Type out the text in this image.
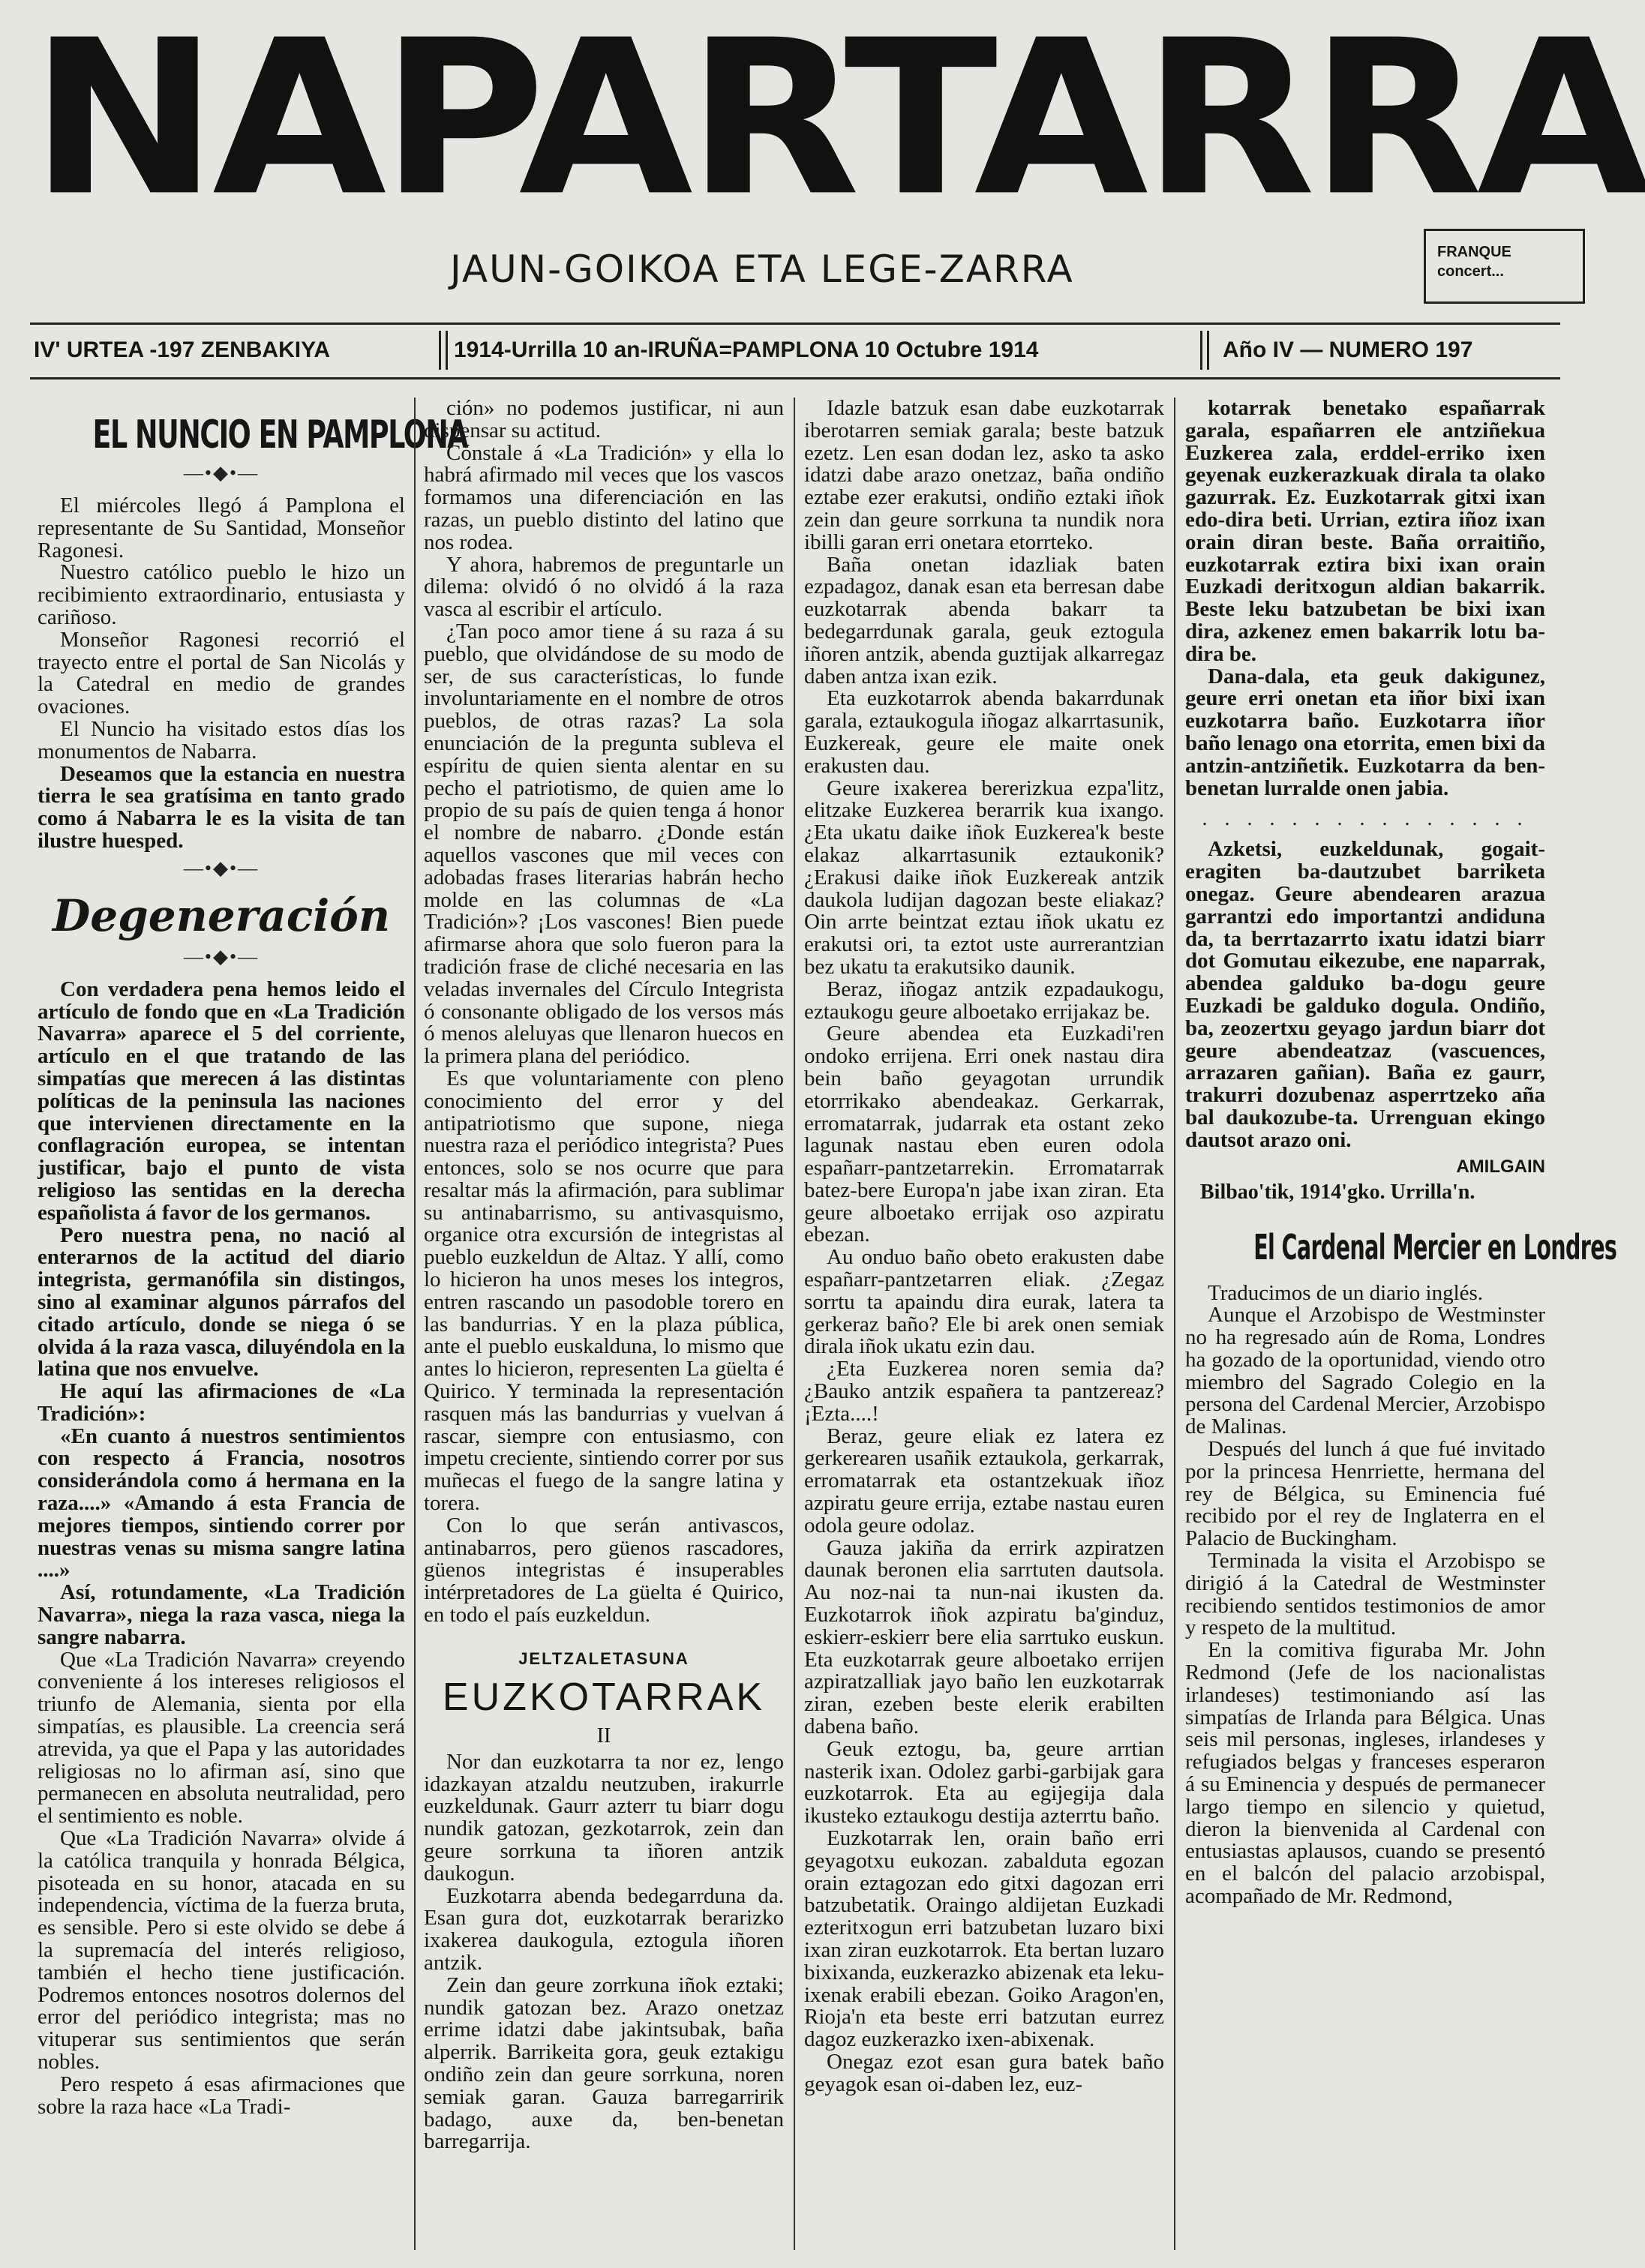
NAPARTARRA
JAUN-GOIKOA ETA LEGE-ZARRA	FRANQUE
concert...
IV' URTEA -197 ZENBAKIYA	1914-Urrilla 10 an-IRUÑA=PAMPLONA 10 Octubre 1914	Año IV — NUMERO 197
EL NUNCIO EN PAMPLONA
—•◆•—

El miércoles llegó á Pamplona el representante de Su Santidad, Monseñor Ragonesi.

Nuestro católico pueblo le hizo un recibimiento extraordinario, entusiasta y cariñoso.

Monseñor Ragonesi recorrió el trayecto entre el portal de San Nicolás y la Catedral en medio de grandes ovaciones.

El Nuncio ha visitado estos días los monumentos de Nabarra.

Deseamos que la estancia en nuestra tierra le sea gratísima en tanto grado como á Nabarra le es la visita de tan ilustre huesped.

—•◆•—
Degeneración
—•◆•—

Con verdadera pena hemos leido el artículo de fondo que en «La Tradición Navarra» aparece el 5 del corriente, artículo en el que tratando de las simpatías que merecen á las distintas políticas de la peninsula las naciones que intervienen directamente en la conflagración europea, se intentan justificar, bajo el punto de vista religioso las sentidas en la derecha españolista á favor de los germanos.

Pero nuestra pena, no nació al enterarnos de la actitud del diario integrista, germanófila sin distingos, sino al examinar algunos párrafos del citado artículo, donde se niega ó se olvida á la raza vasca, diluyéndola en la latina que nos envuelve.

He aquí las afirmaciones de «La Tradición»:

«En cuanto á nuestros sentimientos con respecto á Francia, nosotros considerándola como á hermana en la raza....» «Amando á esta Francia de mejores tiempos, sintiendo correr por nuestras venas su misma sangre latina ....»

Así, rotundamente, «La Tradición Navarra», niega la raza vasca, niega la sangre nabarra.

Que «La Tradición Navarra» creyendo conveniente á los intereses religiosos el triunfo de Alemania, sienta por ella simpatías, es plausible. La creencia será atrevida, ya que el Papa y las autoridades religiosas no lo afirman así, sino que permanecen en absoluta neutralidad, pero el sentimiento es noble.

Que «La Tradición Navarra» olvide á la católica tranquila y honrada Bélgica, pisoteada en su honor, atacada en su independencia, víctima de la fuerza bruta, es sensible. Pero si este olvido se debe á la supremacía del interés religioso, también el hecho tiene justificación. Podremos entonces nosotros dolernos del error del periódico integrista; mas no vituperar sus sentimientos que serán nobles.

Pero respeto á esas afirmaciones que sobre la raza hace «La Tradi-

ción» no podemos justificar, ni aun dispensar su actitud.

Cónstale á «La Tradición» y ella lo habrá afirmado mil veces que los vascos formamos una diferenciación en las razas, un pueblo distinto del latino que nos rodea.

Y ahora, habremos de preguntarle un dilema: olvidó ó no olvidó á la raza vasca al escribir el artículo.

¿Tan poco amor tiene á su raza á su pueblo, que olvidándose de su modo de ser, de sus características, lo funde involuntariamente en el nombre de otros pueblos, de otras razas? La sola enunciación de la pregunta subleva el espíritu de quien sienta alentar en su pecho el patriotismo, de quien ame lo propio de su país de quien tenga á honor el nombre de nabarro. ¿Donde están aquellos vascones que mil veces con adobadas frases literarias habrán hecho molde en las columnas de «La Tradición»? ¡Los vascones! Bien puede afirmarse ahora que solo fueron para la tradición frase de cliché necesaria en las veladas invernales del Círculo Integrista ó consonante obligado de los versos más ó menos aleluyas que llenaron huecos en la primera plana del periódico.

Es que voluntariamente con pleno conocimiento del error y del antipatriotismo que supone, niega nuestra raza el periódico integrista? Pues entonces, solo se nos ocurre que para resaltar más la afirmación, para sublimar su antinabarrismo, su antivasquismo, organice otra excursión de integristas al pueblo euzkeldun de Altaz. Y allí, como lo hicieron ha unos meses los integros, entren rascando un pasodoble torero en las bandurrias. Y en la plaza pública, ante el pueblo euskalduna, lo mismo que antes lo hicieron, representen La güelta é Quirico. Y terminada la representación rasquen más las bandurrias y vuelvan á rascar, siempre con entusiasmo, con impetu creciente, sintiendo correr por sus muñecas el fuego de la sangre latina y torera.

Con lo que serán antivascos, antinabarros, pero güenos rascadores, güenos integristas é insuperables intérpretadores de La güelta é Quirico, en todo el país euzkeldun.

JELTZALETASUNA
EUZKOTARRAK
II

Nor dan euzkotarra ta nor ez, lengo idazkayan atzaldu neutzuben, irakurrle euzkeldunak. Gaurr azterr tu biarr dogu nundik gatozan, gezkotarrok, zein dan geure sorrkuna ta iñoren antzik daukogun.

Euzkotarra abenda bedegarrduna da. Esan gura dot, euzkotarrak berarizko ixakerea daukogula, eztogula iñoren antzik.

Zein dan geure zorrkuna iñok eztaki; nundik gatozan bez. Arazo onetzaz errime idatzi dabe jakintsubak, baña alperrik. Barrikeita gora, geuk eztakigu ondiño zein dan geure sorrkuna, noren semiak garan. Gauza barregarririk badago, auxe da, ben-benetan barregarrija.

Idazle batzuk esan dabe euzkotarrak iberotarren semiak garala; beste batzuk ezetz. Len esan dodan lez, asko ta asko idatzi dabe arazo onetzaz, baña ondiño eztabe ezer erakutsi, ondiño eztaki iñok zein dan geure sorrkuna ta nundik nora ibilli garan erri onetara etorrteko.

Baña onetan idazliak baten ezpadagoz, danak esan eta berresan dabe euzkotarrak abenda bakarr ta bedegarrdunak garala, geuk eztogula iñoren antzik, abenda guztijak alkarregaz daben antza ixan ezik.

Eta euzkotarrok abenda bakarrdunak garala, eztaukogula iñogaz alkarrtasunik, Euzkereak, geure ele maite onek erakusten dau.

Geure ixakerea bererizkua ezpa'litz, elitzake Euzkerea berarrik kua ixango. ¿Eta ukatu daike iñok Euzkerea'k beste elakaz alkarrtasunik eztaukonik? ¿Erakusi daike iñok Euzkereak antzik daukola ludijan dagozan beste eliakaz? Oin arrte beintzat eztau iñok ukatu ez erakutsi ori, ta eztot uste aurrerantzian bez ukatu ta erakutsiko daunik.

Beraz, iñogaz antzik ezpadaukogu, eztaukogu geure alboetako errijakaz be.

Geure abendea eta Euzkadi'ren ondoko errijena. Erri onek nastau dira bein baño geyagotan urrundik etorrrikako abendeakaz. Gerkarrak, erromatarrak, judarrak eta ostant zeko lagunak nastau eben euren odola españarr-pantzetarrekin. Erromatarrak batez-bere Europa'n jabe ixan ziran. Eta geure alboetako errijak oso azpiratu ebezan.

Au onduo baño obeto erakusten dabe españarr-pantzetarren eliak. ¿Zegaz sorrtu ta apaindu dira eurak, latera ta gerkeraz baño? Ele bi arek onen semiak dirala iñok ukatu ezin dau.

¿Eta Euzkerea noren semia da? ¿Bauko antzik españera ta pantzereaz? ¡Ezta....!

Beraz, geure eliak ez latera ez gerkerearen usañik eztaukola, gerkarrak, erromatarrak eta ostantzekuak iñoz azpiratu geure errija, eztabe nastau euren odola geure odolaz.

Gauza jakiña da errirk azpiratzen daunak beronen elia sarrtuten dautsola. Au noz-nai ta nun-nai ikusten da. Euzkotarrok iñok azpiratu ba'ginduz, eskierr-eskierr bere elia sarrtuko euskun. Eta euzkotarrak geure alboetako errijen azpiratzalliak jayo baño len euzkotarrak ziran, ezeben beste elerik erabilten dabena baño.

Geuk eztogu, ba, geure arrtian nasterik ixan. Odolez garbi-garbijak gara euzkotarrok. Eta au egijegija dala ikusteko eztaukogu destija azterrtu baño.

Euzkotarrak len, orain baño erri geyagotxu eukozan. zabalduta egozan orain eztagozan edo gitxi dagozan erri batzubetatik. Oraingo aldijetan Euzkadi ezteritxogun erri batzubetan luzaro bixi ixan ziran euzkotarrok. Eta bertan luzaro bixixanda, euzkerazko abizenak eta leku-ixenak erabili ebezan. Goiko Aragon'en, Rioja'n eta beste erri batzutan eurrez dagoz euzkerazko ixen-abixenak.

Onegaz ezot esan gura batek baño geyagok esan oi-daben lez, euz-

kotarrak benetako españarrak garala, españarren ele antziñekua Euzkerea zala, erddel-erriko ixen geyenak euzkerazkuak dirala ta olako gazurrak. Ez. Euzkotarrak gitxi ixan edo-dira beti. Urrian, eztira iñoz ixan orain diran beste. Baña orraitiño, euzkotarrak eztira bixi ixan orain Euzkadi deritxogun aldian bakarrik. Beste leku batzubetan be bixi ixan dira, azkenez emen bakarrik lotu ba-dira be.

Dana-dala, eta geuk dakigunez, geure erri onetan eta iñor bixi ixan euzkotarra baño. Euzkotarra iñor baño lenago ona etorrita, emen bixi da antzin-antziñetik. Euzkotarra da ben-benetan lurralde onen jabia.

. . . . . . . . . . . . . . .

Azketsi, euzkeldunak, gogait-eragiten ba-dautzubet barriketa onegaz. Geure abendearen arazua garrantzi edo importantzi andiduna da, ta berrtazarrto ixatu idatzi biarr dot Gomutau eikezube, ene naparrak, abendea galduko ba-dogu geure Euzkadi be galduko dogula. Ondiño, ba, zeozertxu geyago jardun biarr dot geure abendeatzaz (vascuences, arrazaren gañian). Baña ez gaurr, trakurri dozubenaz asperrtzeko aña bal daukozube-ta. Urrenguan ekingo dautsot arazo oni.

AMILGAIN
Bilbao'tik, 1914'gko. Urrilla'n.
El Cardenal Mercier en Londres

Traducimos de un diario inglés.

Aunque el Arzobispo de Westminster no ha regresado aún de Roma, Londres ha gozado de la oportunidad, viendo otro miembro del Sagrado Colegio en la persona del Cardenal Mercier, Arzobispo de Malinas.

Después del lunch á que fué invitado por la princesa Henrriette, hermana del rey de Bélgica, su Eminencia fué recibido por el rey de Inglaterra en el Palacio de Buckingham.

Terminada la visita el Arzobispo se dirigió á la Catedral de Westminster recibiendo sentidos testimonios de amor y respeto de la multitud.

En la comitiva figuraba Mr. John Redmond (Jefe de los nacionalistas irlandeses) testimoniando así las simpatías de Irlanda para Bélgica. Unas seis mil personas, ingleses, irlandeses y refugiados belgas y franceses esperaron á su Eminencia y después de permanecer largo tiempo en silencio y quietud, dieron la bienvenida al Cardenal con entusiastas aplausos, cuando se presentó en el balcón del palacio arzobispal, acompañado de Mr. Redmond,
